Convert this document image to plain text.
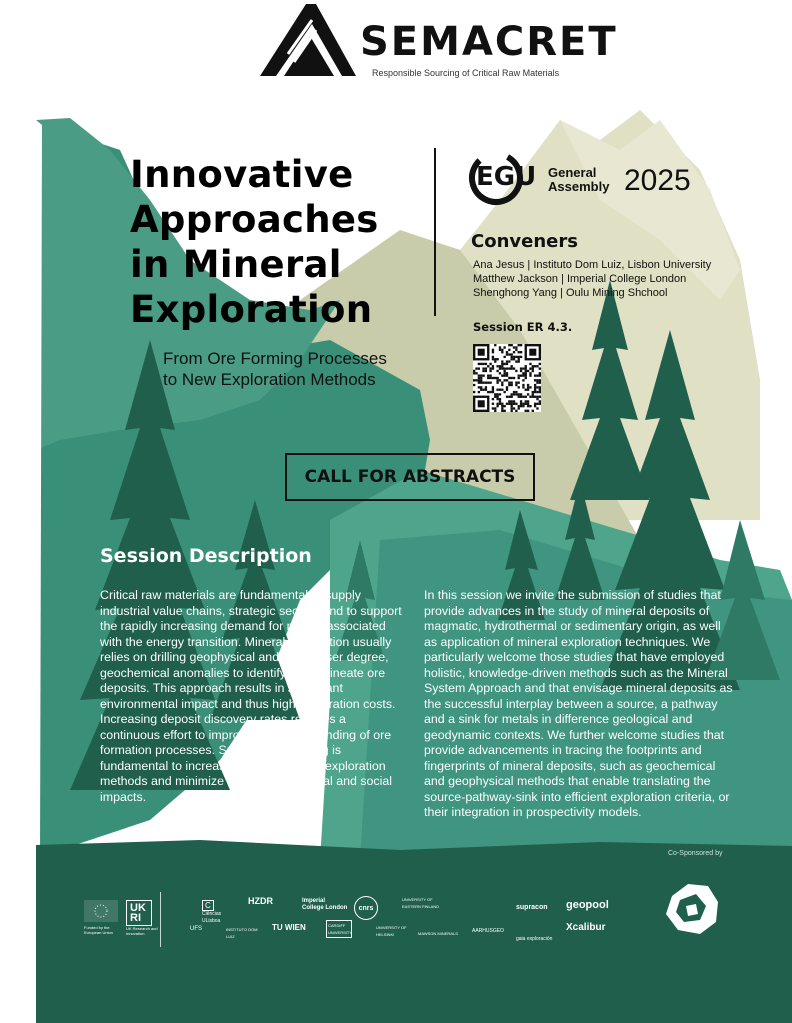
SEMACRET
Responsible Sourcing of Critical Raw Materials
Innovative
Approaches
in Mineral
Exploration
From Ore Forming Processes
to New Exploration Methods
EGU General
Assembly 2025
Conveners
Ana Jesus | Instituto Dom Luiz, Lisbon University
Matthew Jackson | Imperial College London
Shenghong Yang | Oulu Mining Shchool
Session ER 4.3.
CALL FOR ABSTRACTS
Session Description
Critical raw materials are fundamental to supply industrial value chains, strategic sectors and to support the rapidly increasing demand for metals associated with the energy transition. Mineral exploration usually relies on drilling geophysical and, to a lesser degree, geochemical anomalies to identify and delineate ore deposits. This approach results in significant environmental impact and thus high exploration costs. Increasing deposit discovery rates requires a continuous effort to improve our understanding of ore formation processes. Such understanding is fundamental to increase the efficiency of exploration methods and minimize their environmental and social impacts.
In this session we invite the submission of studies that provide advances in the study of mineral deposits of magmatic, hydrothermal or sedimentary origin, as well as application of mineral exploration techniques. We particularly welcome those studies that have employed holistic, knowledge-driven methods such as the Mineral System Approach and that envisage mineral deposits as the successful interplay between a source, a pathway and a sink for metals in difference geological and geodynamic contexts. We further welcome studies that provide advancements in tracing the footprints and fingerprints of mineral deposits, such as geochemical and geophysical methods that enable translating the source-pathway-sink into efficient exploration criteria, or their integration in prospectivity models.
Co-Sponsored by
Funded by the European Union
UKRI
UK Research and Innovation
C Ciências ULisboa
HZDR	Imperial College London	cnrs
UNIVERSITY OF EASTERN FINLAND
UFS	INSTITUTO DOM LUIZ
TU WIEN	CARDIFF UNIVERSITY
UNIVERSITY OF HELSINKI	MAWSON MINERALS	AARHUSGEO
supracon geopool
gaia exploración
Xcalibur
